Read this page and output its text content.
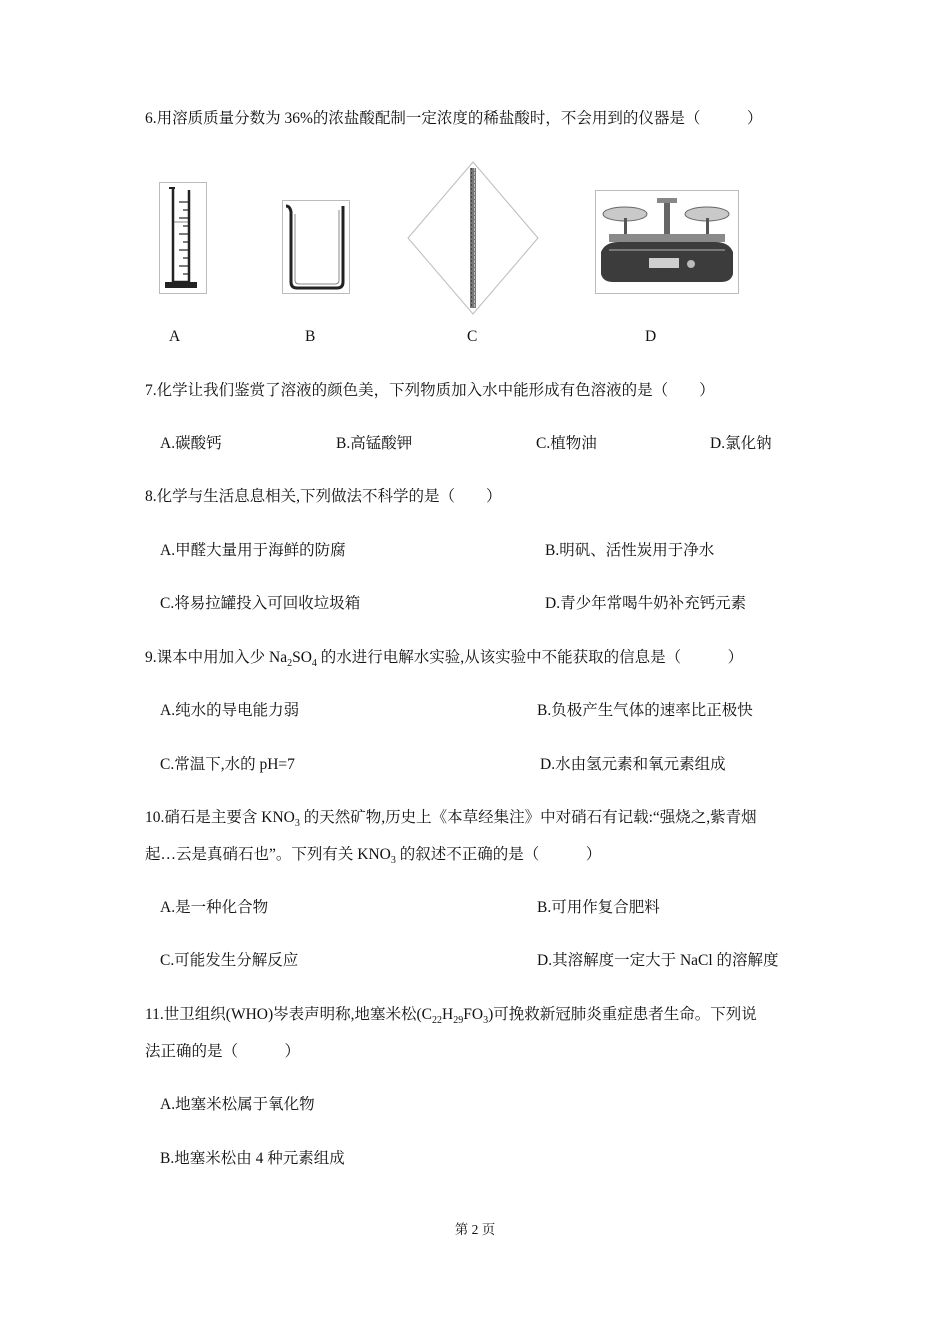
6.用溶质质量分数为 36%的浓盐酸配制一定浓度的稀盐酸时，不会用到的仪器是（　　　）
A	B	C	D
7.化学让我们鉴赏了溶液的颜色美，下列物质加入水中能形成有色溶液的是（　　）
A.碳酸钙	B.高锰酸钾	C.植物油	D.氯化钠
8.化学与生活息息相关,下列做法不科学的是（　　）
A.甲醛大量用于海鲜的防腐	B.明矾、活性炭用于净水
C.将易拉罐投入可回收垃圾箱	D.青少年常喝牛奶补充钙元素
9.课本中用加入少 $Na_2SO_4$ 的水进行电解水实验,从该实验中不能获取的信息是（　　　）
A.纯水的导电能力弱	B.负极产生气体的速率比正极快
C.常温下,水的 pH=7	D.水由氢元素和氧元素组成
10.硝石是主要含 $KNO_3$ 的天然矿物,历史上《本草经集注》中对硝石有记载:“强烧之,紫青烟
起…云是真硝石也”。下列有关 $KNO_3$ 的叙述不正确的是（　　　）
A.是一种化合物	B.可用作复合肥料
C.可能发生分解反应	D.其溶解度一定大于 NaCl 的溶解度
11.世卫组织(WHO)岑表声明称,地塞米松$(C_{22}H_{29}FO_3)$可挽救新冠肺炎重症患者生命。下列说
法正确的是（　　　）
A.地塞米松属于氧化物
B.地塞米松由 4 种元素组成
第 2 页
